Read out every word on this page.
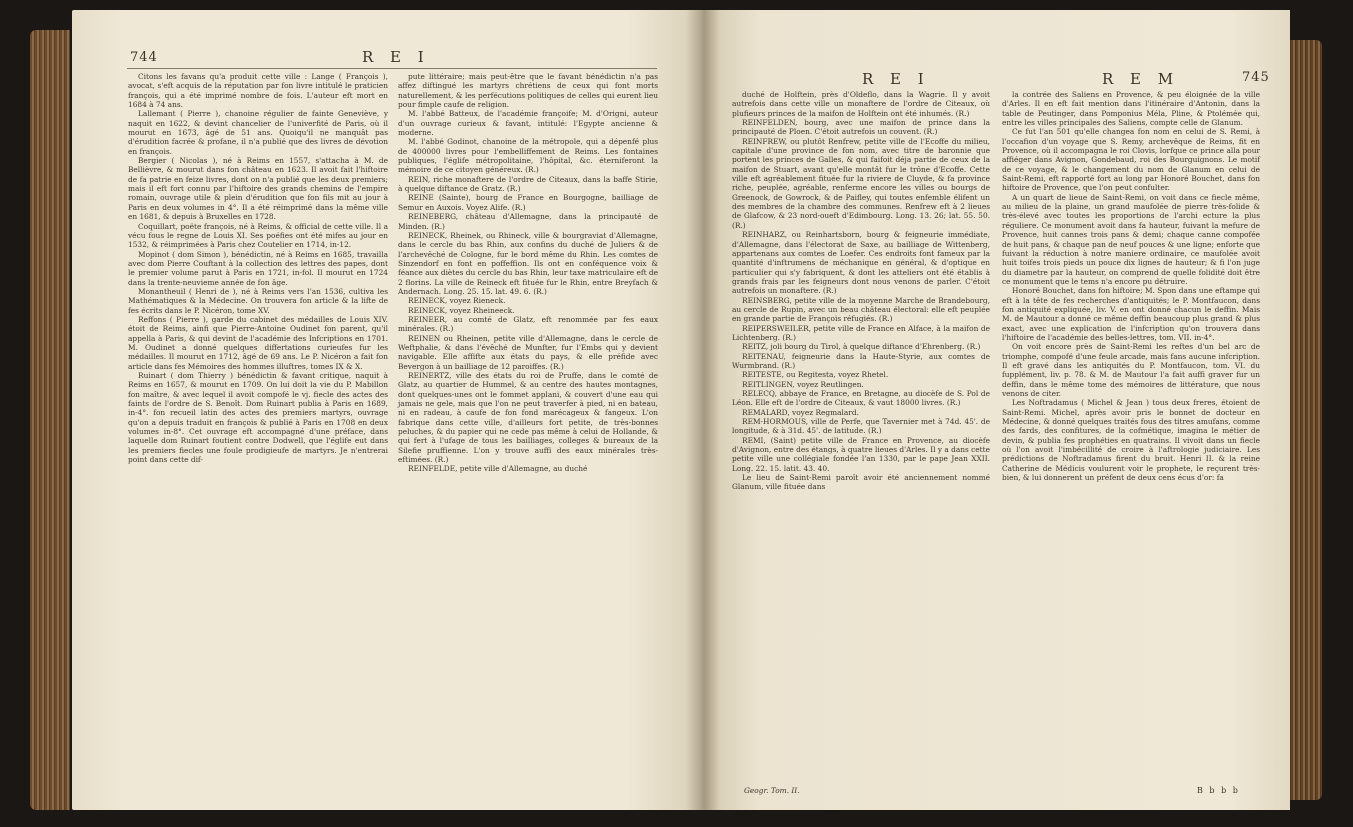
744	R E I

Citons les favans qu'a produit cette ville : Lange ( François ), avocat, s'eft acquis de la réputation par fon livre intitulé le praticien françois, qui a été imprimé nombre de fois. L'auteur eft mort en 1684 à 74 ans.

Lallemant ( Pierre ), chanoine régulier de fainte Geneviève, y naquit en 1622, & devint chancelier de l'univerfité de Paris, où il mourut en 1673, âgé de 51 ans. Quoiqu'il ne manquât pas d'érudition facrée & profane, il n'a publié que des livres de dévotion en françois.

Bergier ( Nicolas ), né à Reims en 1557, s'attacha à M. de Bellièvre, & mourut dans fon château en 1623. Il avoit fait l'hiftoire de fa patrie en feize livres, dont on n'a publié que les deux premiers; mais il eft fort connu par l'hiftoire des grands chemins de l'empire romain, ouvrage utile & plein d'érudition que fon fils mit au jour à Paris en deux volumes in 4°. Il a été réimprimé dans la même ville en 1681, & depuis à Bruxelles en 1728.

Coquillart, poëte françois, né à Reims, & official de cette ville. Il a vécu fous le regne de Louis XI. Ses poéfies ont été mifes au jour en 1532, & réimprimées à Paris chez Coutelier en 1714, in-12.

Mopinot ( dom Simon ), bénédictin, né à Reims en 1685, travailla avec dom Pierre Couftant à la collection des lettres des papes, dont le premier volume parut à Paris en 1721, in-fol. Il mourut en 1724 dans la trente-neuvieme année de fon âge.

Monantheuil ( Henri de ), né à Reims vers l'an 1536, cultiva les Mathématiques & la Médecine. On trouvera fon article & la lifte de fes écrits dans le P. Nicéron, tome XV.

Reffons ( Pierre ), garde du cabinet des médailles de Louis XIV. étoit de Reims, ainfi que Pierre-Antoine Oudinet fon parent, qu'il appella à Paris, & qui devint de l'académie des Infcriptions en 1701. M. Oudinet a donné quelques differtations curieufes fur les médailles. Il mourut en 1712, âgé de 69 ans. Le P. Nicéron a fait fon article dans fes Mémoires des hommes illuftres, tomes IX & X.

Ruinart ( dom Thierry ) bénédictin & favant critique, naquit à Reims en 1657, & mourut en 1709. On lui doit la vie du P. Mabillon fon maître, & avec lequel il avoit compofé le vj. fiecle des actes des faints de l'ordre de S. Benoît. Dom Ruinart publia à Paris en 1689, in-4°. fon recueil latin des actes des premiers martyrs, ouvrage qu'on a depuis traduit en françois & publié à Paris en 1708 en deux volumes in-8°. Cet ouvrage eft accompagné d'une préface, dans laquelle dom Ruinart foutient contre Dodwell, que l'églife eut dans les premiers fiecles une foule prodigieufe de martyrs. Je n'entrerai point dans cette dif-

pute littéraire; mais peut-être que le favant bénédictin n'a pas affez diftingué les martyrs chrétiens de ceux qui font morts naturellement, & les perfécutions politiques de celles qui eurent lieu pour fimple caufe de religion.

M. l'abbé Batteux, de l'académie françoife; M. d'Origni, auteur d'un ouvrage curieux & favant, intitulé: l'Egypte ancienne & moderne.

M. l'abbé Godinot, chanoine de la métropole, qui a dépenfé plus de 400000 livres pour l'embelliffement de Reims. Les fontaines publiques, l'églife métropolitaine, l'hôpital, &c. éterniferont la mémoire de ce citoyen généreux. (R.)

REIN, riche monaftere de l'ordre de Citeaux, dans la baffe Stirie, à quelque diftance de Gratz. (R.)

REINE (Sainte), bourg de France en Bourgogne, bailliage de Semur en Auxois. Voyez Alife. (R.)

REINEBERG, château d'Allemagne, dans la principauté de Minden. (R.)

REINECK, Rheinek, ou Rhineck, ville & bourgraviat d'Allemagne, dans le cercle du bas Rhin, aux confins du duché de Juliers & de l'archevêché de Cologne, fur le bord même du Rhin. Les comtes de Sinzendorf en font en poffeffion. Ils ont en conféquence voix & féance aux diètes du cercle du bas Rhin, leur taxe matriculaire eft de 2 florins. La ville de Reineck eft fituée fur le Rhin, entre Breyfach & Andernach. Long. 25. 15. lat. 49. 6. (R.)

REINECK, voyez Rieneck.

REINECK, voyez Rheineeck.

REINEER, au comté de Glatz, eft renommée par fes eaux minérales. (R.)

REINEN ou Rheinen, petite ville d'Allemagne, dans le cercle de Weftphalie, & dans l'évêché de Munfter, fur l'Embs qui y devient navigable. Elle affifte aux états du pays, & elle préfide avec Bevergon à un bailliage de 12 paroiffes. (R.)

REINERTZ, ville des états du roi de Pruffe, dans le comté de Glatz, au quartier de Hummel, & au centre des hautes montagnes, dont quelques-unes ont le fommet applani, & couvert d'une eau qui jamais ne gele, mais que l'on ne peut traverfer à pied, ni en bateau, ni en radeau, à caufe de fon fond marécageux & fangeux. L'on fabrique dans cette ville, d'ailleurs fort petite, de très-bonnes peluches, & du papier qui ne cede pas même à celui de Hollande, & qui fert à l'ufage de tous les bailliages, colleges & bureaux de la Silefie pruffienne. L'on y trouve auffi des eaux minérales très-eftimées. (R.)

REINFELDE, petite ville d'Allemagne, au duché

R E I	R E M	745

duché de Holftein, près d'Oldeflo, dans la Wagrie. Il y avoit autrefois dans cette ville un monaftere de l'ordre de Citeaux, où plufieurs princes de la maifon de Holftein ont été inhumés. (R.)

REINFELDEN, bourg, avec une maifon de prince dans la principauté de Ploen. C'étoit autrefois un couvent. (R.)

REINFREW, ou plutôt Renfrew, petite ville de l'Ecoffe du milieu, capitale d'une province de fon nom, avec titre de baronnie que portent les princes de Galles, & qui faifoit déja partie de ceux de la maifon de Stuart, avant qu'elle montât fur le trône d'Ecoffe. Cette ville eft agréablement fituée fur la riviere de Cluyde, & fa province riche, peuplée, agréable, renferme encore les villes ou bourgs de Greenock, de Gowrock, & de Paifley, qui toutes enfemble élifent un des membres de la chambre des communes. Renfrew eft à 2 lieues de Glafcow, & 23 nord-oueft d'Edimbourg. Long. 13. 26; lat. 55. 50. (R.)

REINHARZ, ou Reinhartsborn, bourg & feigneurie immédiate, d'Allemagne, dans l'électorat de Saxe, au bailliage de Wittenberg, appartenans aux comtes de Loefer. Ces endroits font fameux par la quantité d'inftrumens de méchanique en général, & d'optique en particulier qui s'y fabriquent, & dont les atteliers ont été établis à grands frais par les feigneurs dont nous venons de parler. C'étoit autrefois un monaftere. (R.)

REINSBERG, petite ville de la moyenne Marche de Brandebourg, au cercle de Rupin, avec un beau château électoral: elle eft peuplée en grande partie de François réfugiés. (R.)

REIPERSWEILER, petite ville de France en Alface, à la maifon de Lichtenberg. (R.)

REITZ, joli bourg du Tirol, à quelque diftance d'Ehrenberg. (R.)

REITENAU, feigneurie dans la Haute-Styrie, aux comtes de Wurmbrand. (R.)

REITESTE, ou Regitesta, voyez Rhetel.

REITLINGEN, voyez Reutlingen.

RELECQ, abbaye de France, en Bretagne, au diocèfe de S. Pol de Léon. Elle eft de l'ordre de Citeaux, & vaut 18000 livres. (R.)

REMALARD, voyez Regmalard.

REM-HORMOUS, ville de Perfe, que Tavernier met à 74d. 45'. de longitude, & à 31d. 45'. de latitude. (R.)

REMI, (Saint) petite ville de France en Provence, au diocèfe d'Avignon, entre des étangs, à quatre lieues d'Arles. Il y a dans cette petite ville une collégiale fondée l'an 1330, par le pape Jean XXII. Long. 22. 15. latit. 43. 40.

Le lieu de Saint-Remi paroît avoir été anciennement nommé Glanum, ville fituée dans

la contrée des Saliens en Provence, & peu éloignée de la ville d'Arles. Il en eft fait mention dans l'itinéraire d'Antonin, dans la table de Peutinger, dans Pomponius Méla, Pline, & Ptolémée qui, entre les villes principales des Saliens, compte celle de Glanum.

Ce fut l'an 501 qu'elle changea fon nom en celui de S. Remi, à l'occafion d'un voyage que S. Remy, archevêque de Reims, fit en Provence, où il accompagna le roi Clovis, lorfque ce prince alla pour affiéger dans Avignon, Gondebaud, roi des Bourguignons. Le motif de ce voyage, & le changement du nom de Glanum en celui de Saint-Remi, eft rapporté fort au long par Honoré Bouchet, dans fon hiftoire de Provence, que l'on peut confulter.

A un quart de lieue de Saint-Remi, on voit dans ce fiecle même, au milieu de la plaine, un grand maufolée de pierre très-folide & très-élevé avec toutes les proportions de l'archi ecture la plus réguliere. Ce monument avoit dans fa hauteur, fuivant la mefure de Provence, huit cannes trois pans & demi; chaque canne compofée de huit pans, & chaque pan de neuf pouces & une ligne; enforte que fuivant la réduction à notre maniere ordinaire, ce maufolée avoit huit toifes trois pieds un pouce dix lignes de hauteur; & fi l'on juge du diametre par la hauteur, on comprend de quelle folidité doit être ce monument que le tems n'a encore pu détruire.

Honoré Bouchet, dans fon hiftoire; M. Spon dans une eftampe qui eft à la tête de fes recherches d'antiquités; le P. Montfaucon, dans fon antiquité expliquée, liv. V. en ont donné chacun le deffin. Mais M. de Mautour a donné ce même deffin beaucoup plus grand & plus exact, avec une explication de l'infcription qu'on trouvera dans l'hiftoire de l'académie des belles-lettres, tom. VII. in-4°.

On voit encore près de Saint-Remi les reftes d'un bel arc de triomphe, compofé d'une feule arcade, mais fans aucune infcription. Il eft gravé dans les antiquités du P. Montfaucon, tom. VI. du fupplément, liv. p. 78. & M. de Mautour l'a fait auffi graver fur un deffin, dans le même tome des mémoires de littérature, que nous venons de citer.

Les Noftradamus ( Michel & Jean ) tous deux freres, étoient de Saint-Remi. Michel, après avoir pris le bonnet de docteur en Médecine, & donné quelques traités fous des titres amufans, comme des fards, des confitures, de la cofmétique, imagina le métier de devin, & publia fes prophéties en quatrains. Il vivoit dans un fiecle où l'on avoit l'imbécillité de croire à l'aftrologie judiciaire. Les prédictions de Noftradamus firent du bruit. Henri II. & la reine Catherine de Médicis voulurent voir le prophete, le reçurent très-bien, & lui donnerent un préfent de deux cens écus d'or: fa

Geogr. Tom. II.	B b b b
